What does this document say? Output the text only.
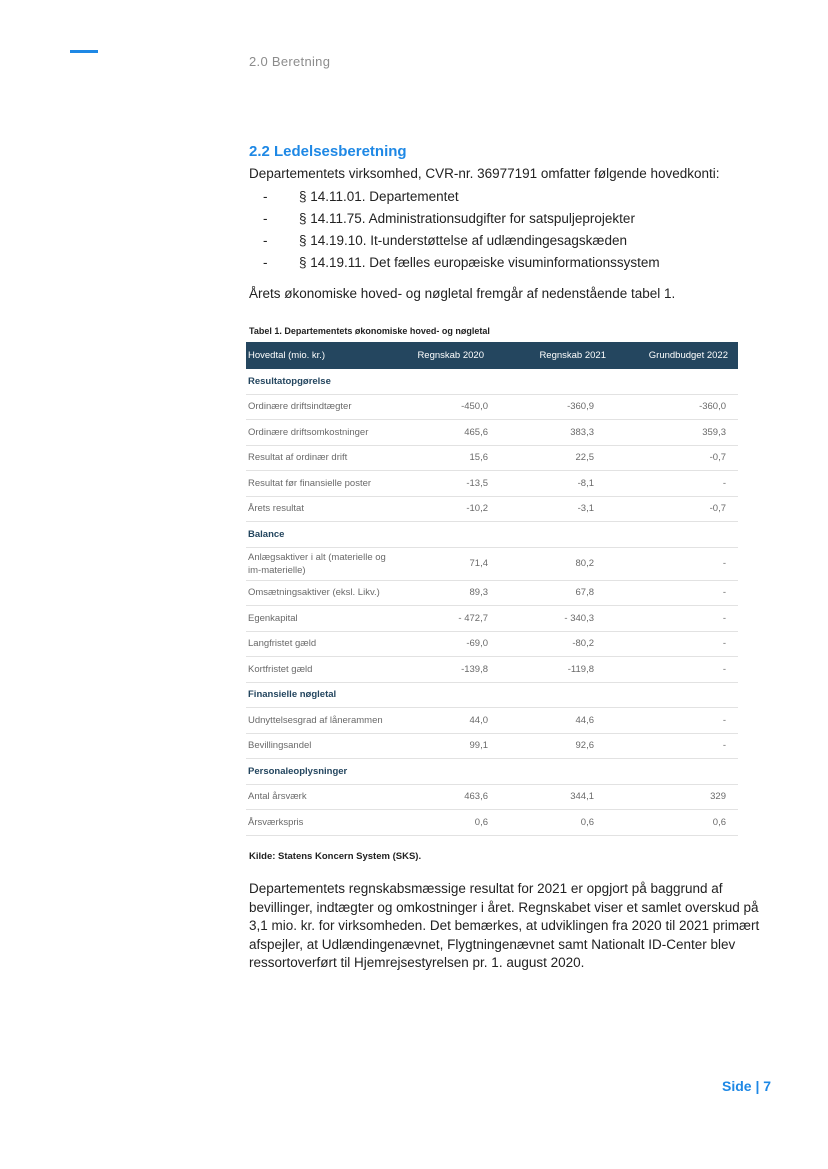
2.0 Beretning
2.2 Ledelsesberetning
Departementets virksomhed, CVR-nr. 36977191 omfatter følgende hovedkonti:
- § 14.11.01. Departementet
- § 14.11.75. Administrationsudgifter for satspuljeprojekter
- § 14.19.10. It-understøttelse af udlændingesagskæden
- § 14.19.11. Det fælles europæiske visuminformationssystem
Årets økonomiske hoved- og nøgletal fremgår af nedenstående tabel 1.
Tabel 1. Departementets økonomiske hoved- og nøgletal
Hovedtal (mio. kr.)	Regnskab 2020	Regnskab 2021	Grundbudget 2022
Resultatopgørelse			
Ordinære driftsindtægter	-450,0	-360,9	-360,0
Ordinære driftsomkostninger	465,6	383,3	359,3
Resultat af ordinær drift	15,6	22,5	-0,7
Resultat før finansielle poster	-13,5	-8,1	-
Årets resultat	-10,2	-3,1	-0,7
Balance			
Anlægsaktiver i alt (materielle og im-materielle)	71,4	80,2	-
Omsætningsaktiver (eksl. Likv.)	89,3	67,8	-
Egenkapital	- 472,7	- 340,3	-
Langfristet gæld	-69,0	-80,2	-
Kortfristet gæld	-139,8	-119,8	-
Finansielle nøgletal			
Udnyttelsesgrad af lånerammen	44,0	44,6	-
Bevillingsandel	99,1	92,6	-
Personaleoplysninger			
Antal årsværk	463,6	344,1	329
Årsværkspris	0,6	0,6	0,6
Kilde: Statens Koncern System (SKS).

Departementets regnskabsmæssige resultat for 2021 er opgjort på baggrund af bevillinger, indtægter og omkostninger i året. Regnskabet viser et samlet overskud på 3,1 mio. kr. for virksomheden. Det bemærkes, at udviklingen fra 2020 til 2021 primært afspejler, at Udlændingenævnet, Flygtningenævnet samt Nationalt ID-Center blev ressortoverført til Hjemrejsestyrelsen pr. 1. august 2020.

Side | 7
